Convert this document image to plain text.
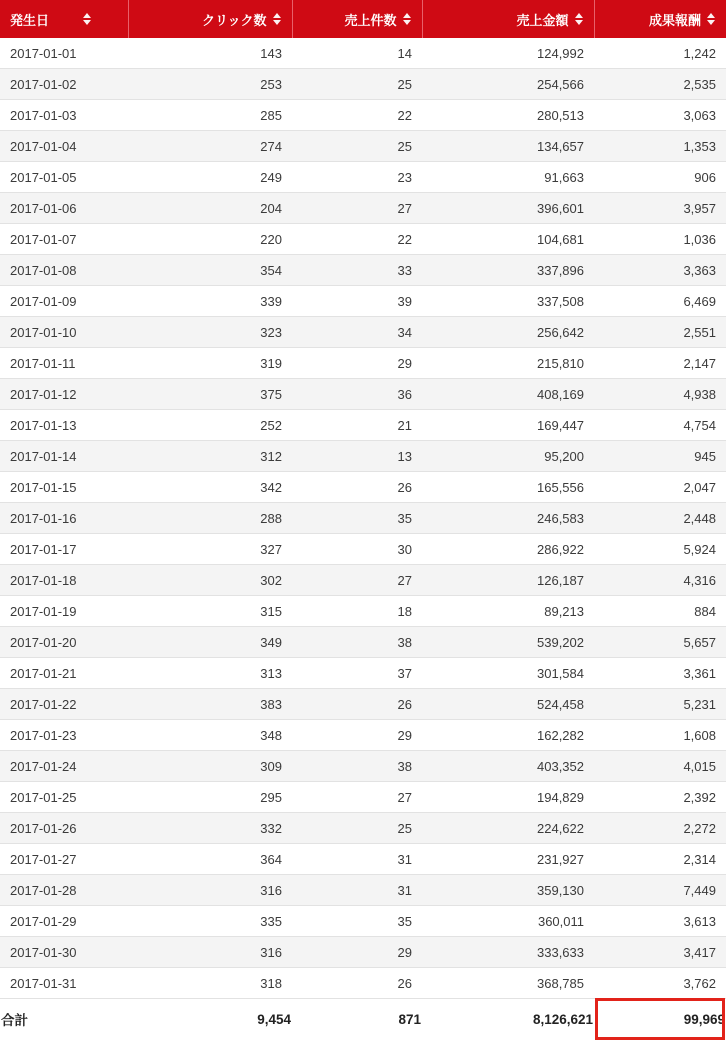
発生日	クリック数	売上件数	売上金額	成果報酬

2017-01-01	143	14	124,992	1,242
2017-01-02	253	25	254,566	2,535
2017-01-03	285	22	280,513	3,063
2017-01-04	274	25	134,657	1,353
2017-01-05	249	23	91,663	906
2017-01-06	204	27	396,601	3,957
2017-01-07	220	22	104,681	1,036
2017-01-08	354	33	337,896	3,363
2017-01-09	339	39	337,508	6,469
2017-01-10	323	34	256,642	2,551
2017-01-11	319	29	215,810	2,147
2017-01-12	375	36	408,169	4,938
2017-01-13	252	21	169,447	4,754
2017-01-14	312	13	95,200	945
2017-01-15	342	26	165,556	2,047
2017-01-16	288	35	246,583	2,448
2017-01-17	327	30	286,922	5,924
2017-01-18	302	27	126,187	4,316
2017-01-19	315	18	89,213	884
2017-01-20	349	38	539,202	5,657
2017-01-21	313	37	301,584	3,361
2017-01-22	383	26	524,458	5,231
2017-01-23	348	29	162,282	1,608
2017-01-24	309	38	403,352	4,015
2017-01-25	295	27	194,829	2,392
2017-01-26	332	25	224,622	2,272
2017-01-27	364	31	231,927	2,314
2017-01-28	316	31	359,130	7,449
2017-01-29	335	35	360,011	3,613
2017-01-30	316	29	333,633	3,417
2017-01-31	318	26	368,785	3,762
合計	9,454	871	8,126,621	99,969
